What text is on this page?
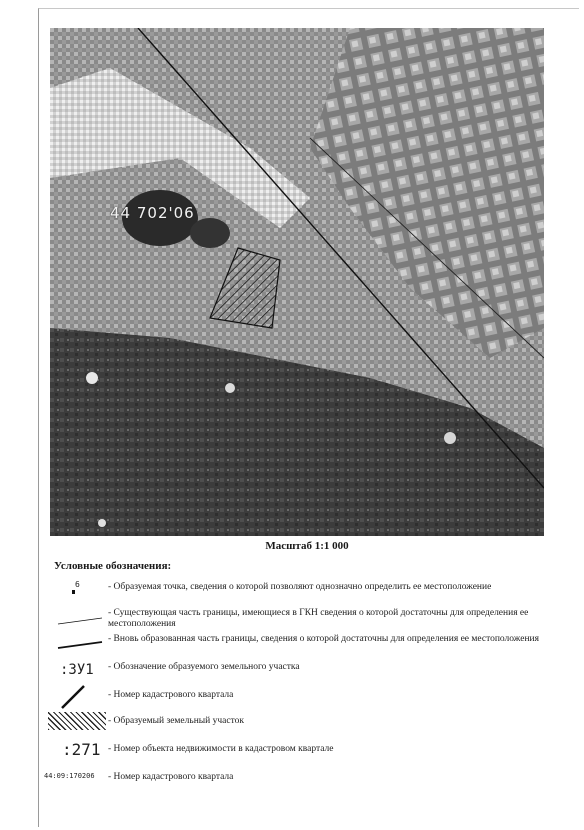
44 702'06
Масштаб 1:1 000
Условные обозначения:
6	- Образуемая точка, сведения о которой позволяют однозначно определить ее местоположение
- Существующая часть границы, имеющиеся в ГКН сведения о которой достаточны для определения ее местоположения
- Вновь образованная часть границы, сведения о которой достаточны для определения ее местоположения
:ЗУ1 - Обозначение образуемого земельного участка
- Номер кадастрового квартала
- Образуемый земельный участок
:271 - Номер объекта недвижимости в кадастровом квартале
44:09:170206 - Номер кадастрового квартала
